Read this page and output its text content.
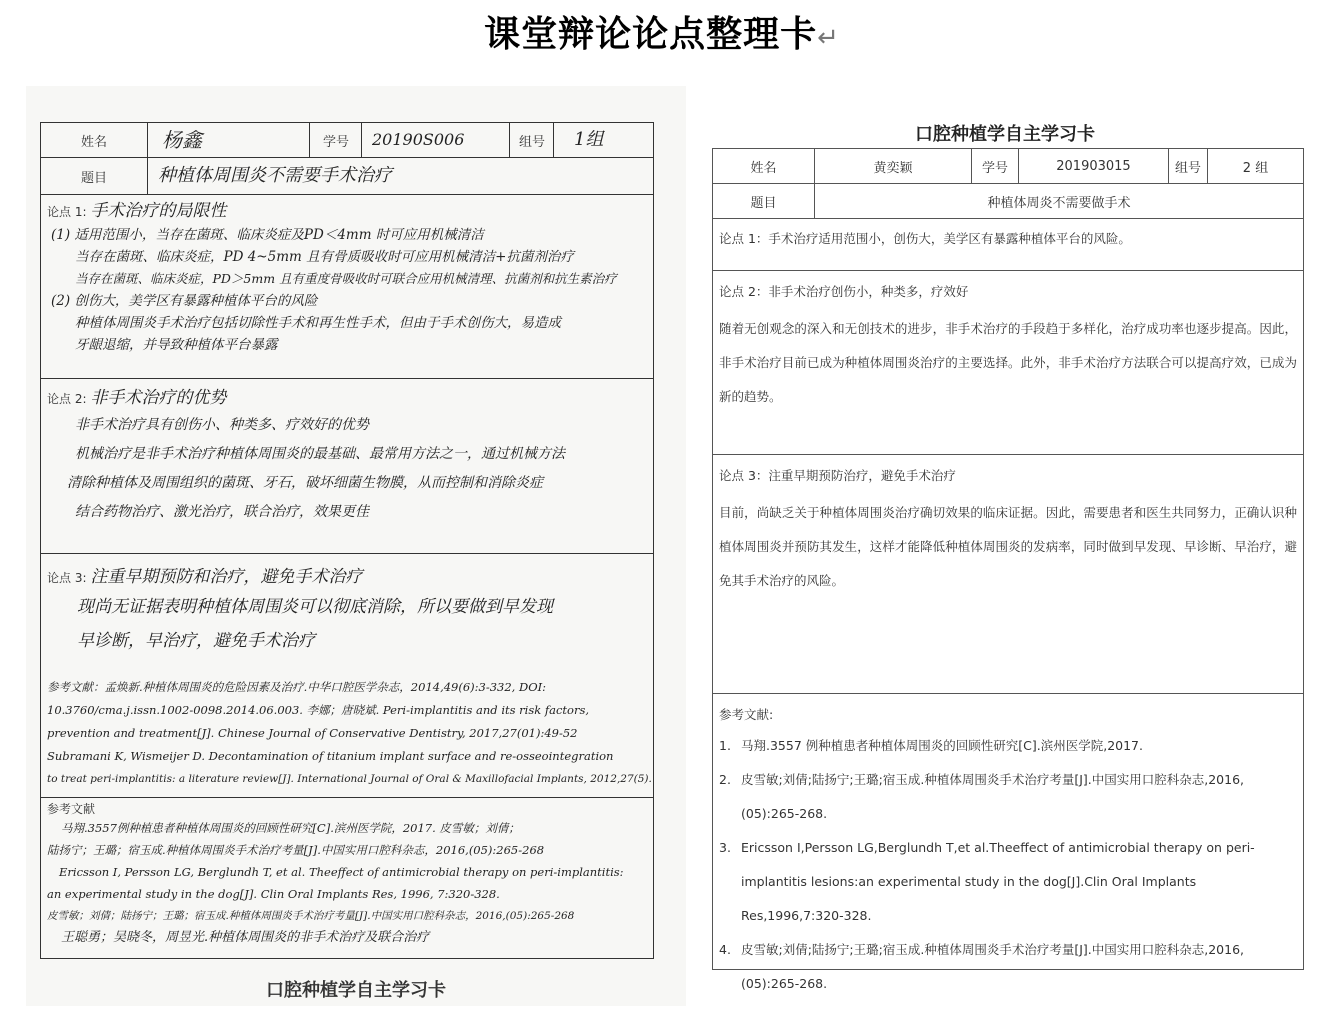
课堂辩论论点整理卡↵
姓名	杨鑫	学号	20190S006	组号	1组
题目	种植体周围炎不需要手术治疗
论点 1: 手术治疗的局限性

(1) 适用范围小，当存在菌斑、临床炎症及PD＜4mm 时可应用机械清洁

当存在菌斑、临床炎症，PD 4~5mm 且有骨质吸收时可应用机械清洁+抗菌剂治疗

当存在菌斑、临床炎症，PD＞5mm 且有重度骨吸收时可联合应用机械清理、抗菌剂和抗生素治疗

(2) 创伤大，美学区有暴露种植体平台的风险

种植体周围炎手术治疗包括切除性手术和再生性手术，但由于手术创伤大，易造成

牙龈退缩，并导致种植体平台暴露

论点 2: 非手术治疗的优势

非手术治疗具有创伤小、种类多、疗效好的优势

机械治疗是非手术治疗种植体周围炎的最基础、最常用方法之一，通过机械方法

清除种植体及周围组织的菌斑、牙石，破坏细菌生物膜，从而控制和消除炎症

结合药物治疗、激光治疗，联合治疗，效果更佳

论点 3: 注重早期预防和治疗，避免手术治疗

现尚无证据表明种植体周围炎可以彻底消除，所以要做到早发现

早诊断，早治疗，避免手术治疗

参考文献：孟焕新.种植体周围炎的危险因素及治疗.中华口腔医学杂志，2014,49(6):3-332, DOI:

10.3760/cma.j.issn.1002-0098.2014.06.003. 李娜；唐晓斌. Peri-implantitis and its risk factors,

prevention and treatment[J]. Chinese Journal of Conservative Dentistry, 2017,27(01):49-52

Subramani K, Wismeijer D. Decontamination of titanium implant surface and re-osseointegration

to treat peri-implantitis: a literature review[J]. International Journal of Oral & Maxillofacial Implants, 2012,27(5).

参考文献

马翔.3557例种植患者种植体周围炎的回顾性研究[C].滨州医学院，2017. 皮雪敏；刘倩；

陆扬宁；王璐；宿玉成.种植体周围炎手术治疗考量[J].中国实用口腔科杂志，2016,(05):265-268

Ericsson I, Persson LG, Berglundh T, et al. Theeffect of antimicrobial therapy on peri-implantitis:

an experimental study in the dog[J]. Clin Oral Implants Res, 1996, 7:320-328.

皮雪敏；刘倩；陆扬宁；王璐；宿玉成.种植体周围炎手术治疗考量[J].中国实用口腔科杂志，2016,(05):265-268

王聪勇；吴晓冬，周昱光.种植体周围炎的非手术治疗及联合治疗

口腔种植学自主学习卡
口腔种植学自主学习卡
姓名	黄奕颖	学号	201903015	组号	2 组
题目	种植体周炎不需要做手术
论点 1：手术治疗适用范围小，创伤大，美学区有暴露种植体平台的风险。
论点 2：非手术治疗创伤小，种类多，疗效好
随着无创观念的深入和无创技术的进步，非手术治疗的手段趋于多样化，治疗成功率也逐步提高。因此，非手术治疗目前已成为种植体周围炎治疗的主要选择。此外，非手术治疗方法联合可以提高疗效，已成为新的趋势。
论点 3：注重早期预防治疗，避免手术治疗
目前，尚缺乏关于种植体周围炎治疗确切效果的临床证据。因此，需要患者和医生共同努力，正确认识种植体周围炎并预防其发生，这样才能降低种植体周围炎的发病率，同时做到早发现、早诊断、早治疗，避免其手术治疗的风险。
参考文献:
1. 马翔.3557 例种植患者种植体周围炎的回顾性研究[C].滨州医学院,2017.
2. 皮雪敏;刘倩;陆扬宁;王璐;宿玉成.种植体周围炎手术治疗考量[J].中国实用口腔科杂志,2016,(05):265-268.
3. Ericsson I,Persson LG,Berglundh T,et al.Theeffect of antimicrobial therapy on peri-implantitis lesions:an experimental study in the dog[J].Clin Oral Implants Res,1996,7:320-328.
4. 皮雪敏;刘倩;陆扬宁;王璐;宿玉成.种植体周围炎手术治疗考量[J].中国实用口腔科杂志,2016,(05):265-268.
